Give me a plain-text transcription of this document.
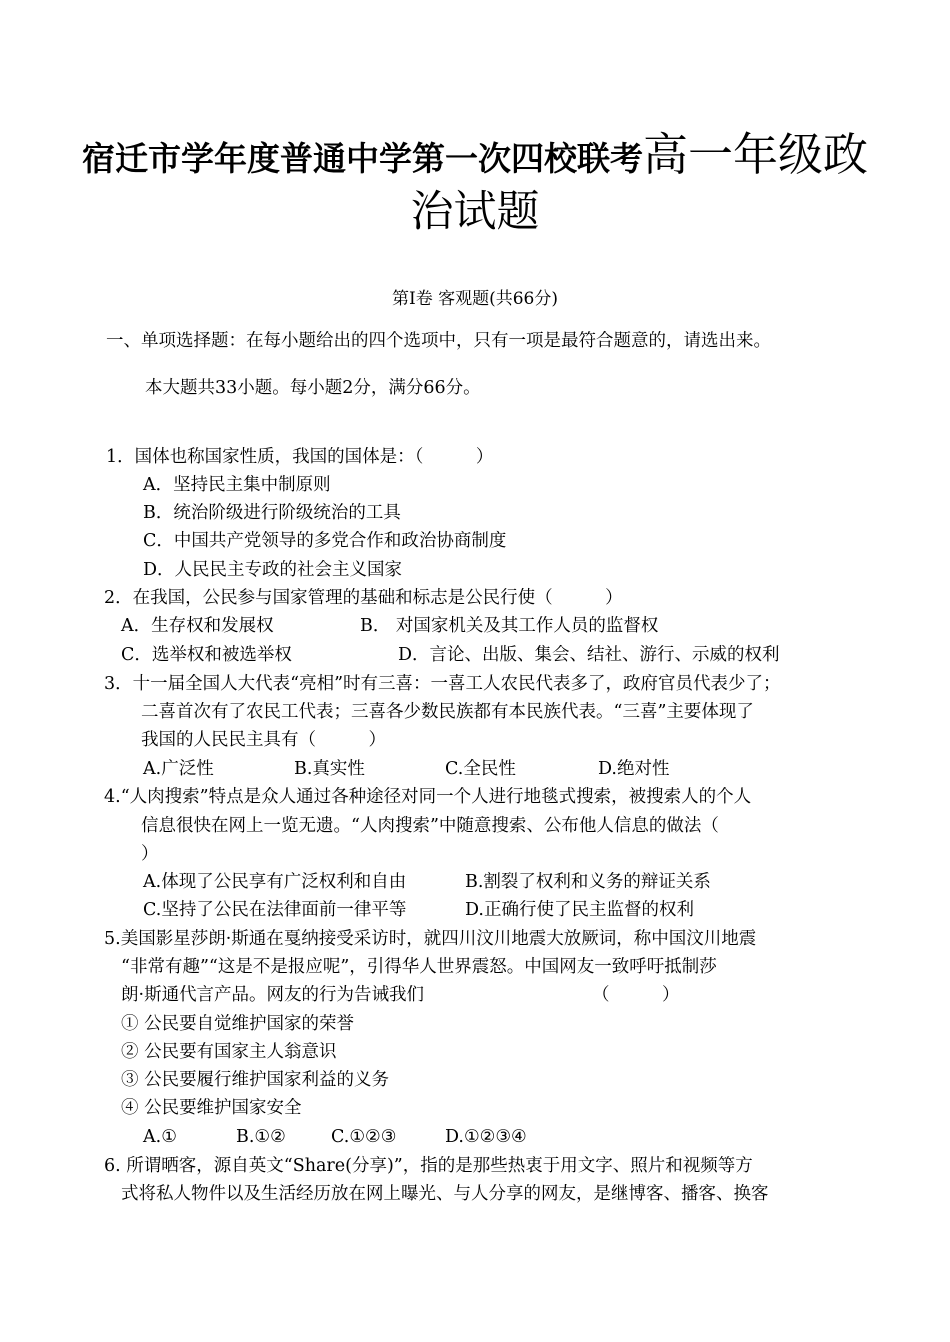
宿迁市学年度普通中学第一次四校联考高一年级政
治试题
第Ⅰ卷 客观题(共66分)
一、单项选择题：在每小题给出的四个选项中，只有一项是最符合题意的，请选出来。
本大题共33小题。每小题2分，满分66分。
1．国体也称国家性质，我国的国体是：（　　　）
A．坚持民主集中制原则
B．统治阶级进行阶级统治的工具
C．中国共产党领导的多党合作和政治协商制度
D．人民民主专政的社会主义国家
2．在我国，公民参与国家管理的基础和标志是公民行使（　　　）
A．生存权和发展权	B． 对国家机关及其工作人员的监督权
C．选举权和被选举权	D．言论、出版、集会、结社、游行、示威的权利
3．十一届全国人大代表“亮相”时有三喜：一喜工人农民代表多了，政府官员代表少了；
二喜首次有了农民工代表；三喜各少数民族都有本民族代表。“三喜”主要体现了
我国的人民民主具有（　　　）
A.广泛性	B.真实性	C.全民性	D.绝对性
4.“人肉搜索”特点是众人通过各种途径对同一个人进行地毯式搜索，被搜索人的个人
信息很快在网上一览无遗。“人肉搜索”中随意搜索、公布他人信息的做法（
）
A.体现了公民享有广泛权利和自由	B.割裂了权利和义务的辩证关系
C.坚持了公民在法律面前一律平等	D.正确行使了民主监督的权利
5.美国影星莎朗·斯通在戛纳接受采访时，就四川汶川地震大放厥词，称中国汶川地震
“非常有趣”“这是不是报应呢”，引得华人世界震怒。中国网友一致呼吁抵制莎
朗·斯通代言产品。网友的行为告诫我们	（　　　）
① 公民要自觉维护国家的荣誉
② 公民要有国家主人翁意识
③ 公民要履行维护国家利益的义务
④ 公民要维护国家安全
A.①	B.①②	C.①②③	D.①②③④
6. 所谓晒客，源自英文“Share(分享)”，指的是那些热衷于用文字、照片和视频等方
式将私人物件以及生活经历放在网上曝光、与人分享的网友，是继博客、播客、换客
